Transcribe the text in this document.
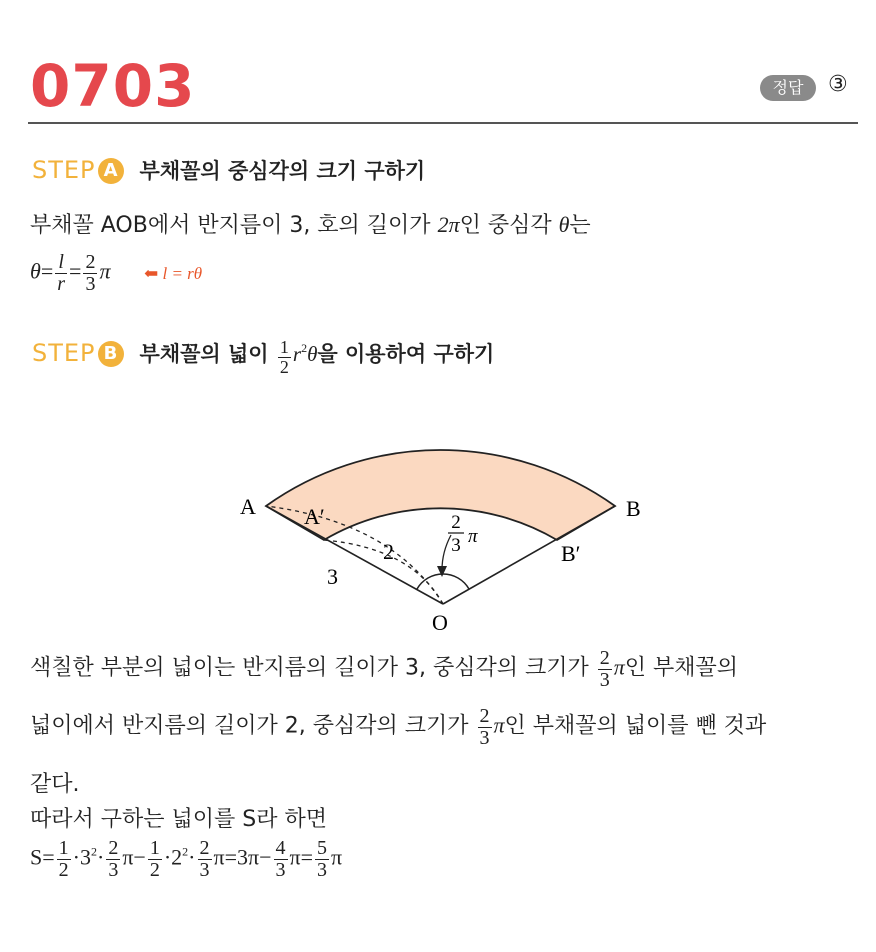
0703	정답	③
STEP A 부채꼴의 중심각의 크기 구하기
부채꼴 AOB에서 반지름이 3, 호의 길이가 2π인 중심각 θ는
$\theta= \frac{l}{r} = \frac{2}{3}$ π ⬅ l = rθ
STEP B 부채꼴의 넓이 $\frac{1}{2} r^2\theta$을 이용하여 구하기
A A′	B
B′
O
2
3
2
3 π
색칠한 부분의 넓이는 반지름의 길이가 3, 중심각의 크기가 $\frac{2}{3}$ π인 부채꼴의
넓이에서 반지름의 길이가 2, 중심각의 크기가 $\frac{2}{3}$ π인 부채꼴의 넓이를 뺀 것과
같다.
따라서 구하는 넓이를 S라 하면
$S= \frac{1}{2} \cdot 3^2\cdot \frac{2}{3} \pi- \frac{1}{2} \cdot 2^2\cdot \frac{2}{3} \pi=3\pi- \frac{4}{3} \pi= \frac{5}{3}$ π
